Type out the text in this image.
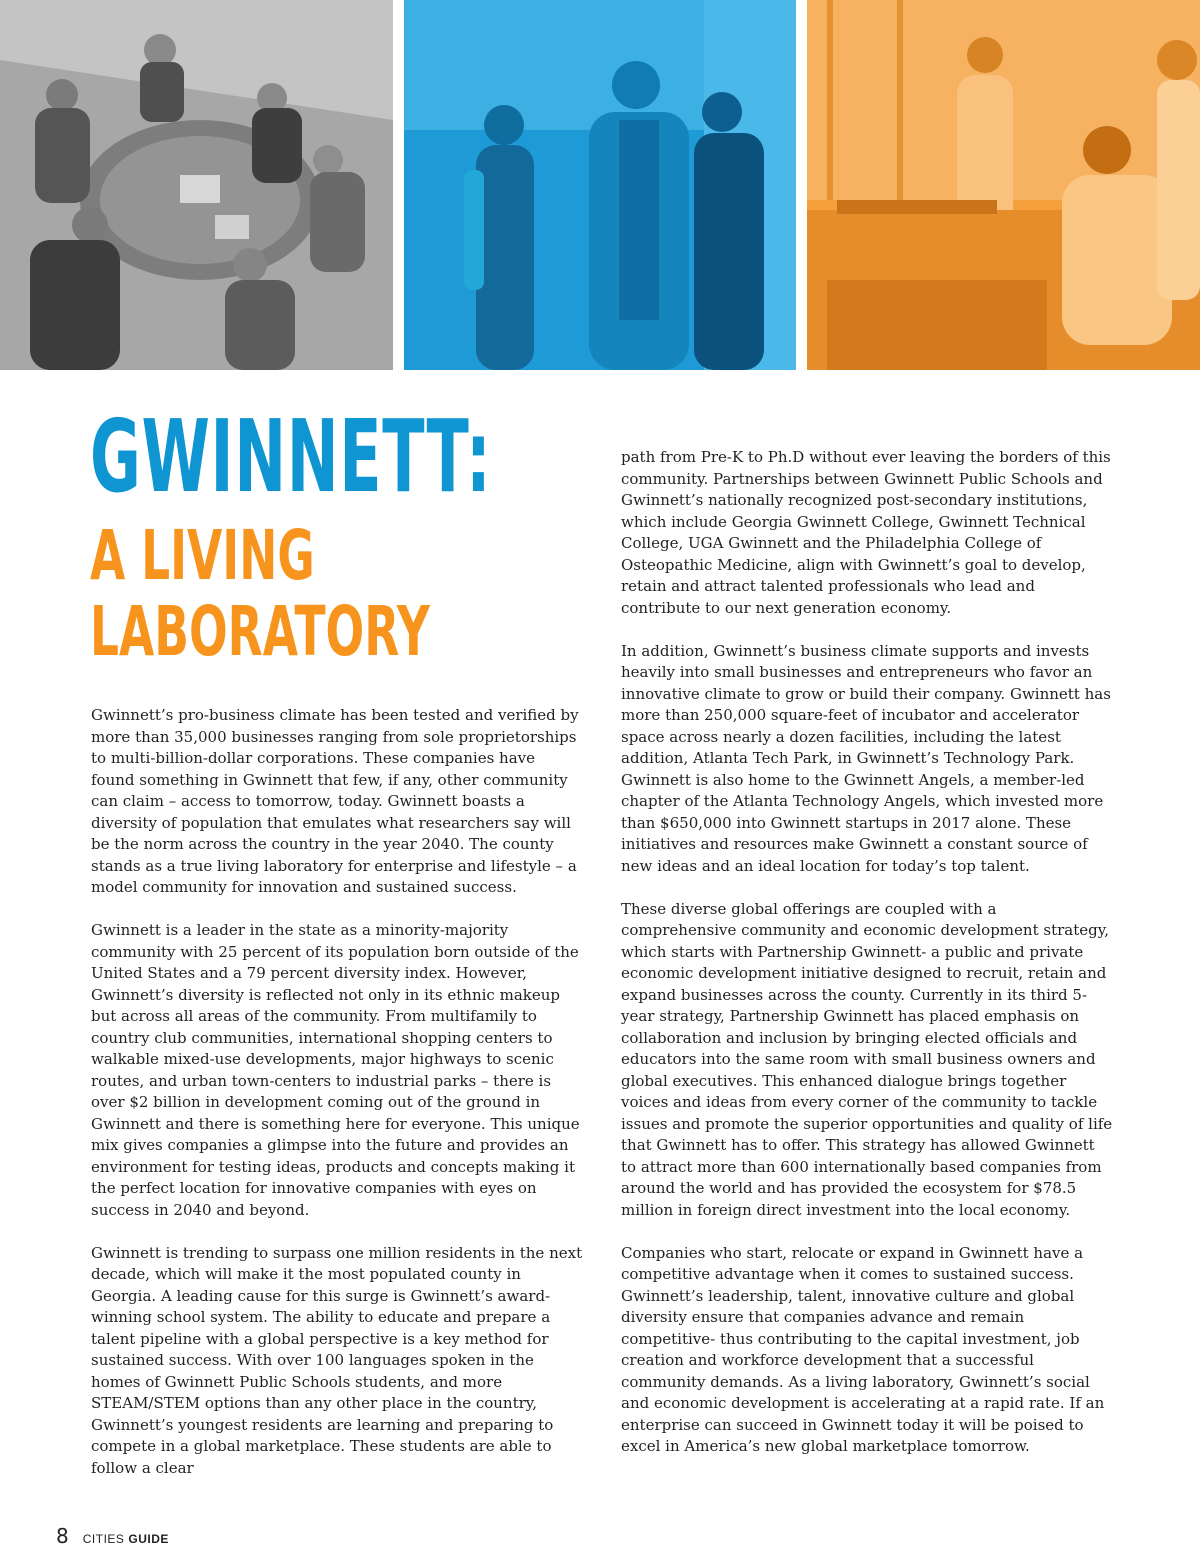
GWINNETT:
A LIVING
LABORATORY

Gwinnett’s pro-business climate has been tested and verified by more than 35,000 businesses ranging from sole proprietorships to multi-billion-dollar corporations. These companies have found something in Gwinnett that few, if any, other community can claim – access to tomorrow, today. Gwinnett boasts a diversity of population that emulates what researchers say will be the norm across the country in the year 2040. The county stands as a true living laboratory for enterprise and lifestyle – a model community for innovation and sustained success.

Gwinnett is a leader in the state as a minority-majority community with 25 percent of its population born outside of the United States and a 79 percent diversity index. However, Gwinnett’s diversity is reflected not only in its ethnic makeup but across all areas of the community. From multifamily to country club communities, international shopping centers to walkable mixed-use developments, major highways to scenic routes, and urban town-centers to industrial parks – there is over $2 billion in development coming out of the ground in Gwinnett and there is something here for everyone. This unique mix gives companies a glimpse into the future and provides an environment for testing ideas, products and concepts making it the perfect location for innovative companies with eyes on success in 2040 and beyond.

Gwinnett is trending to surpass one million residents in the next decade, which will make it the most populated county in Georgia. A leading cause for this surge is Gwinnett’s award-winning school system. The ability to educate and prepare a talent pipeline with a global perspective is a key method for sustained success. With over 100 languages spoken in the homes of Gwinnett Public Schools students, and more STEAM/STEM options than any other place in the country, Gwinnett’s youngest residents are learning and preparing to compete in a global marketplace. These students are able to follow a clear

path from Pre-K to Ph.D without ever leaving the borders of this community. Partnerships between Gwinnett Public Schools and Gwinnett’s nationally recognized post-secondary institutions, which include Georgia Gwinnett College, Gwinnett Technical College, UGA Gwinnett and the Philadelphia College of Osteopathic Medicine, align with Gwinnett’s goal to develop, retain and attract talented professionals who lead and contribute to our next generation economy.

In addition, Gwinnett’s business climate supports and invests heavily into small businesses and entrepreneurs who favor an innovative climate to grow or build their company. Gwinnett has more than 250,000 square-feet of incubator and accelerator space across nearly a dozen facilities, including the latest addition, Atlanta Tech Park, in Gwinnett’s Technology Park. Gwinnett is also home to the Gwinnett Angels, a member-led chapter of the Atlanta Technology Angels, which invested more than $650,000 into Gwinnett startups in 2017 alone. These initiatives and resources make Gwinnett a constant source of new ideas and an ideal location for today’s top talent.

These diverse global offerings are coupled with a comprehensive community and economic development strategy, which starts with Partnership Gwinnett- a public and private economic development initiative designed to recruit, retain and expand businesses across the county. Currently in its third 5-year strategy, Partnership Gwinnett has placed emphasis on collaboration and inclusion by bringing elected officials and educators into the same room with small business owners and global executives. This enhanced dialogue brings together voices and ideas from every corner of the community to tackle issues and promote the superior opportunities and quality of life that Gwinnett has to offer. This strategy has allowed Gwinnett to attract more than 600 internationally based companies from around the world and has provided the ecosystem for $78.5 million in foreign direct investment into the local economy.

Companies who start, relocate or expand in Gwinnett have a competitive advantage when it comes to sustained success. Gwinnett’s leadership, talent, innovative culture and global diversity ensure that companies advance and remain competitive- thus contributing to the capital investment, job creation and workforce development that a successful community demands. As a living laboratory, Gwinnett’s social and economic development is accelerating at a rapid rate. If an enterprise can succeed in Gwinnett today it will be poised to excel in America’s new global marketplace tomorrow.

8 CITIES GUIDE
